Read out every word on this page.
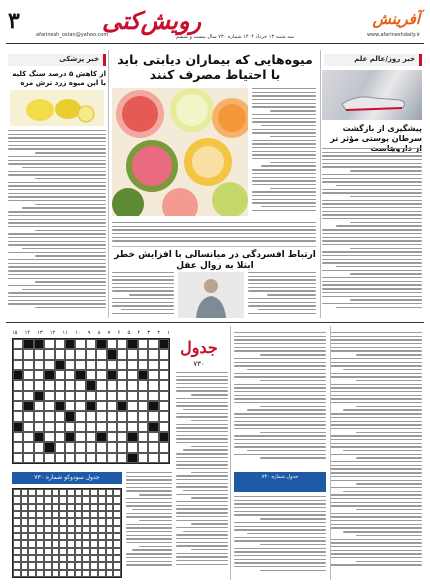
٣	رویش‌کتی	آفرینش
afarinesh_ostan@yahoo.com	www.afarineshdaily.ir
سه شنبه ۱۳ خرداد ۱۴۰۴ شماره ۷۳۰ سال بیست و ششم
خبر روز/عالم علم
پیشگیری از بازگشت سرطان پوستی مؤثر تر
خبر پزشکی
از کاهش ۵ درصد سنگ کلیه با این میوه زرد ترش مزه
میوه‌هایی که بیماران دیابتی باید با احتیاط مصرف کنند
ارتباط افسردگی در میانسالی با افزایش خطر ابتلا به زوال عقل
۱۵ ۱۴ ۱۳ ۱۲ ۱۱ ۱۰ ۹ ۸ ۷ ۶ ۵ ۴ ۳ ۲ ۱
جدول
۷۳۰
جدول سودوکو شماره ۷۳۰	جدول شماره ۷۳۰
